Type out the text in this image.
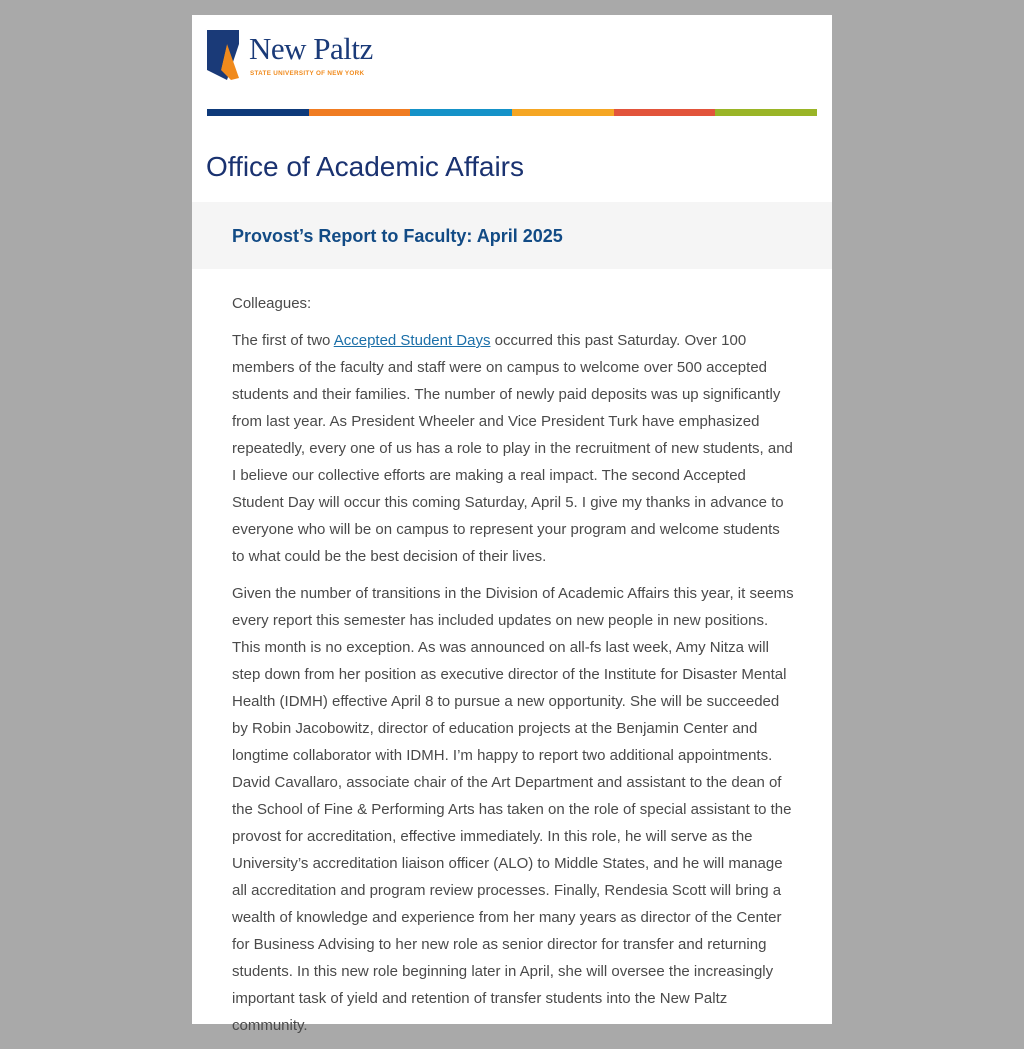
New Paltz
STATE UNIVERSITY OF NEW YORK
Office of Academic Affairs
Provost’s Report to Faculty: April 2025

Colleagues:

The first of two Accepted Student Days occurred this past Saturday. Over 100 members of the faculty and staff were on campus to welcome over 500 accepted students and their families. The number of newly paid deposits was up significantly from last year. As President Wheeler and Vice President Turk have emphasized repeatedly, every one of us has a role to play in the recruitment of new students, and I believe our collective efforts are making a real impact. The second Accepted Student Day will occur this coming Saturday, April 5. I give my thanks in advance to everyone who will be on campus to represent your program and welcome students to what could be the best decision of their lives.

Given the number of transitions in the Division of Academic Affairs this year, it seems every report this semester has included updates on new people in new positions. This month is no exception. As was announced on all-fs last week, Amy Nitza will step down from her position as executive director of the Institute for Disaster Mental Health (IDMH) effective April 8 to pursue a new opportunity. She will be succeeded by Robin Jacobowitz, director of education projects at the Benjamin Center and longtime collaborator with IDMH. I’m happy to report two additional appointments. David Cavallaro, associate chair of the Art Department and assistant to the dean of the School of Fine & Performing Arts has taken on the role of special assistant to the provost for accreditation, effective immediately. In this role, he will serve as the University’s accreditation liaison officer (ALO) to Middle States, and he will manage all accreditation and program review processes. Finally, Rendesia Scott will bring a wealth of knowledge and experience from her many years as director of the Center for Business Advising to her new role as senior director for transfer and returning students. In this new role beginning later in April, she will oversee the increasingly important task of yield and retention of transfer students into the New Paltz community.
